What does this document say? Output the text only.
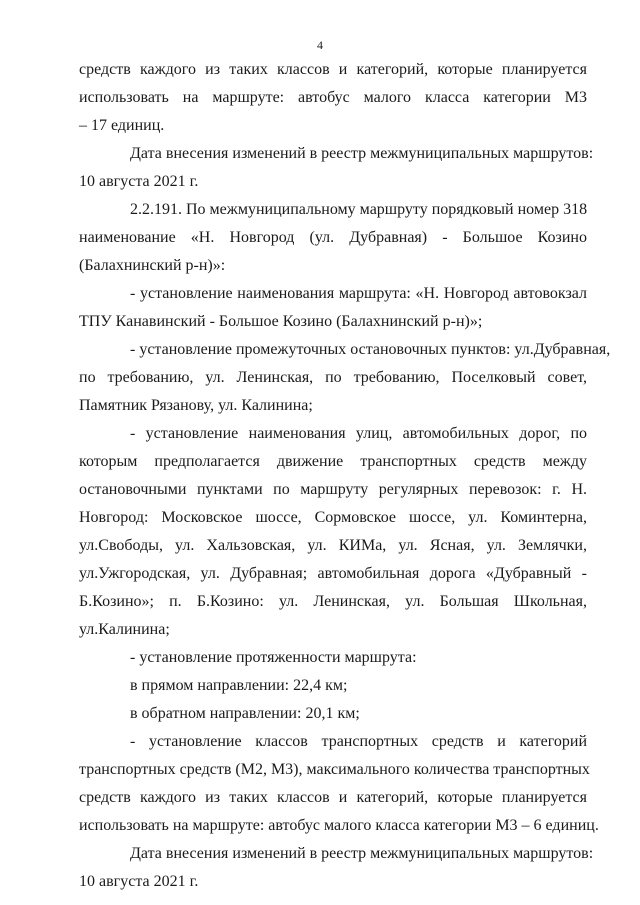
4
средств каждого из таких классов и категорий, которые планируется
использовать на маршруте: автобус малого класса категории М3
– 17 единиц.
Дата внесения изменений в реестр межмуниципальных маршрутов:
10 августа 2021 г.
2.2.191. По межмуниципальному маршруту порядковый номер 318
наименование «Н. Новгород (ул. Дубравная) - Большое Козино
(Балахнинский р-н)»:
- установление наименования маршрута: «Н. Новгород автовокзал
ТПУ Канавинский - Большое Козино (Балахнинский р-н)»;
- установление промежуточных остановочных пунктов: ул.Дубравная,
по требованию, ул. Ленинская, по требованию, Поселковый совет,
Памятник Рязанову, ул. Калинина;
- установление наименования улиц, автомобильных дорог, по
которым предполагается движение транспортных средств между
остановочными пунктами по маршруту регулярных перевозок: г. Н.
Новгород: Московское шоссе, Сормовское шоссе, ул. Коминтерна,
ул.Свободы, ул. Хальзовская, ул. КИМа, ул. Ясная, ул. Землячки,
ул.Ужгородская, ул. Дубравная; автомобильная дорога «Дубравный -
Б.Козино»; п. Б.Козино: ул. Ленинская, ул. Большая Школьная,
ул.Калинина;
- установление протяженности маршрута:
в прямом направлении: 22,4 км;
в обратном направлении: 20,1 км;
- установление классов транспортных средств и категорий
транспортных средств (М2, М3), максимального количества транспортных
средств каждого из таких классов и категорий, которые планируется
использовать на маршруте: автобус малого класса категории М3 – 6 единиц.
Дата внесения изменений в реестр межмуниципальных маршрутов:
10 августа 2021 г.
